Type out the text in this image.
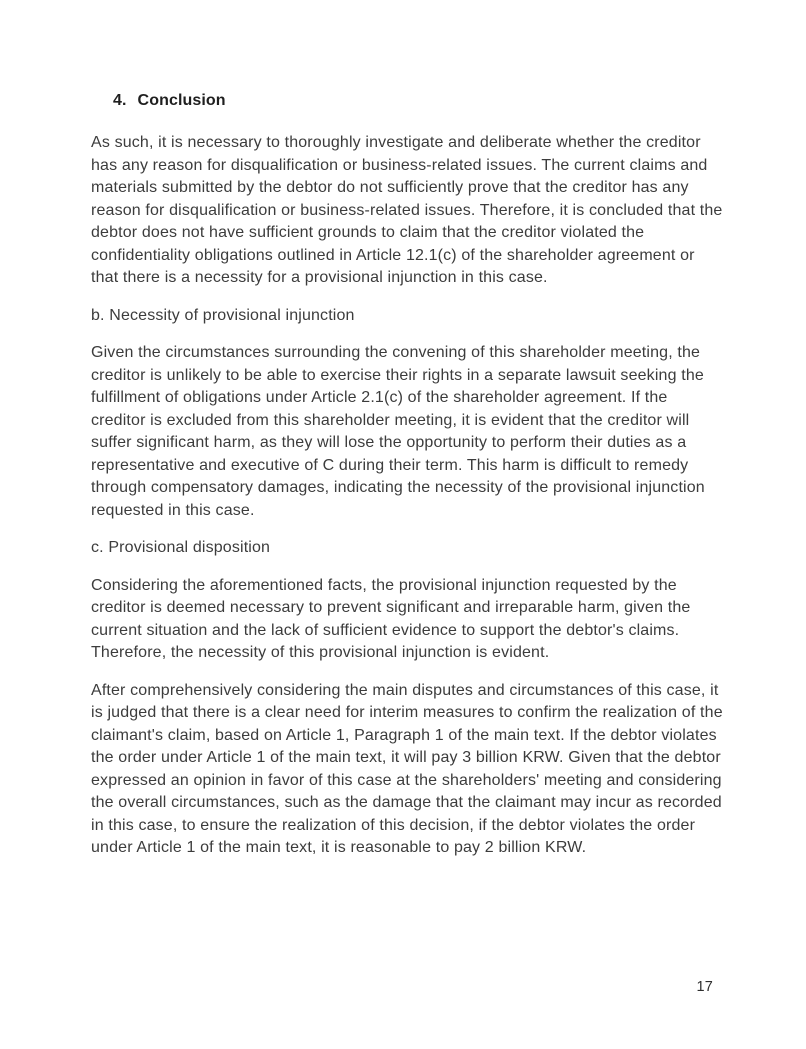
4. Conclusion

As such, it is necessary to thoroughly investigate and deliberate whether the creditor has any reason for disqualification or business-related issues. The current claims and materials submitted by the debtor do not sufficiently prove that the creditor has any reason for disqualification or business-related issues. Therefore, it is concluded that the debtor does not have sufficient grounds to claim that the creditor violated the confidentiality obligations outlined in Article 12.1(c) of the shareholder agreement or that there is a necessity for a provisional injunction in this case.

b. Necessity of provisional injunction

Given the circumstances surrounding the convening of this shareholder meeting, the creditor is unlikely to be able to exercise their rights in a separate lawsuit seeking the fulfillment of obligations under Article 2.1(c) of the shareholder agreement. If the creditor is excluded from this shareholder meeting, it is evident that the creditor will suffer significant harm, as they will lose the opportunity to perform their duties as a representative and executive of C during their term. This harm is difficult to remedy through compensatory damages, indicating the necessity of the provisional injunction requested in this case.

c. Provisional disposition

Considering the aforementioned facts, the provisional injunction requested by the creditor is deemed necessary to prevent significant and irreparable harm, given the current situation and the lack of sufficient evidence to support the debtor's claims. Therefore, the necessity of this provisional injunction is evident.

After comprehensively considering the main disputes and circumstances of this case, it is judged that there is a clear need for interim measures to confirm the realization of the claimant's claim, based on Article 1, Paragraph 1 of the main text. If the debtor violates the order under Article 1 of the main text, it will pay 3 billion KRW. Given that the debtor expressed an opinion in favor of this case at the shareholders' meeting and considering the overall circumstances, such as the damage that the claimant may incur as recorded in this case, to ensure the realization of this decision, if the debtor violates the order under Article 1 of the main text, it is reasonable to pay 2 billion KRW.

17
